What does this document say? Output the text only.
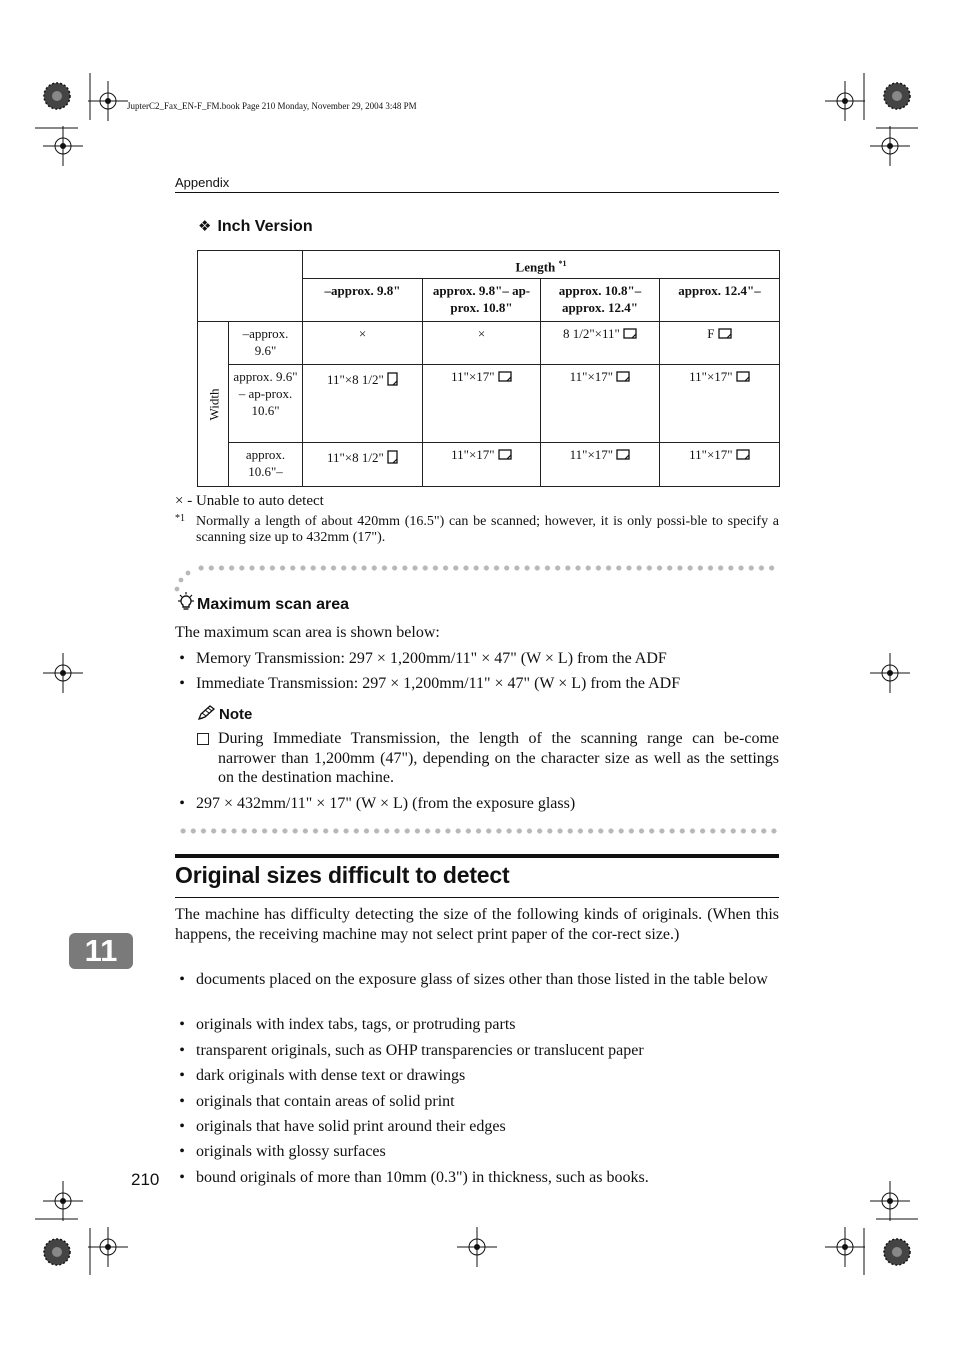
JupterC2_Fax_EN-F_FM.book Page 210 Monday, November 29, 2004 3:48 PM
Appendix
❖ Inch Version
		Length $^{*1}$
		–approx. 9.8"	approx. 9.8"– ap-prox. 10.8"	approx. 10.8"– approx. 12.4"	approx. 12.4"–
Width	–approx. 9.6"	×	×	8 1/2"×11"	F
	approx. 9.6" – ap-prox. 10.6"	11"×8 1/2"	11"×17"	11"×17"	11"×17"
	approx. 10.6"–	11"×8 1/2"	11"×17"	11"×17"	11"×17"
× - Unable to auto detect
*1 Normally a length of about 420mm (16.5") can be scanned; however, it is only possi-ble to specify a scanning size up to 432mm (17").
Maximum scan area
The maximum scan area is shown below:
• Memory Transmission: 297 × 1,200mm/11" × 47" (W × L) from the ADF
• Immediate Transmission: 297 × 1,200mm/11" × 47" (W × L) from the ADF
Note
During Immediate Transmission, the length of the scanning range can be-come narrower than 1,200mm (47"), depending on the character size as well as the settings on the destination machine.
• 297 × 432mm/11" × 17" (W × L) (from the exposure glass)
Original sizes difficult to detect
The machine has difficulty detecting the size of the following kinds of originals. (When this happens, the receiving machine may not select print paper of the cor-rect size.)
• documents placed on the exposure glass of sizes other than those listed in the table below
• originals with index tabs, tags, or protruding parts
• transparent originals, such as OHP transparencies or translucent paper
• dark originals with dense text or drawings
• originals that contain areas of solid print
• originals that have solid print around their edges
• originals with glossy surfaces
• bound originals of more than 10mm (0.3") in thickness, such as books.
11
210
